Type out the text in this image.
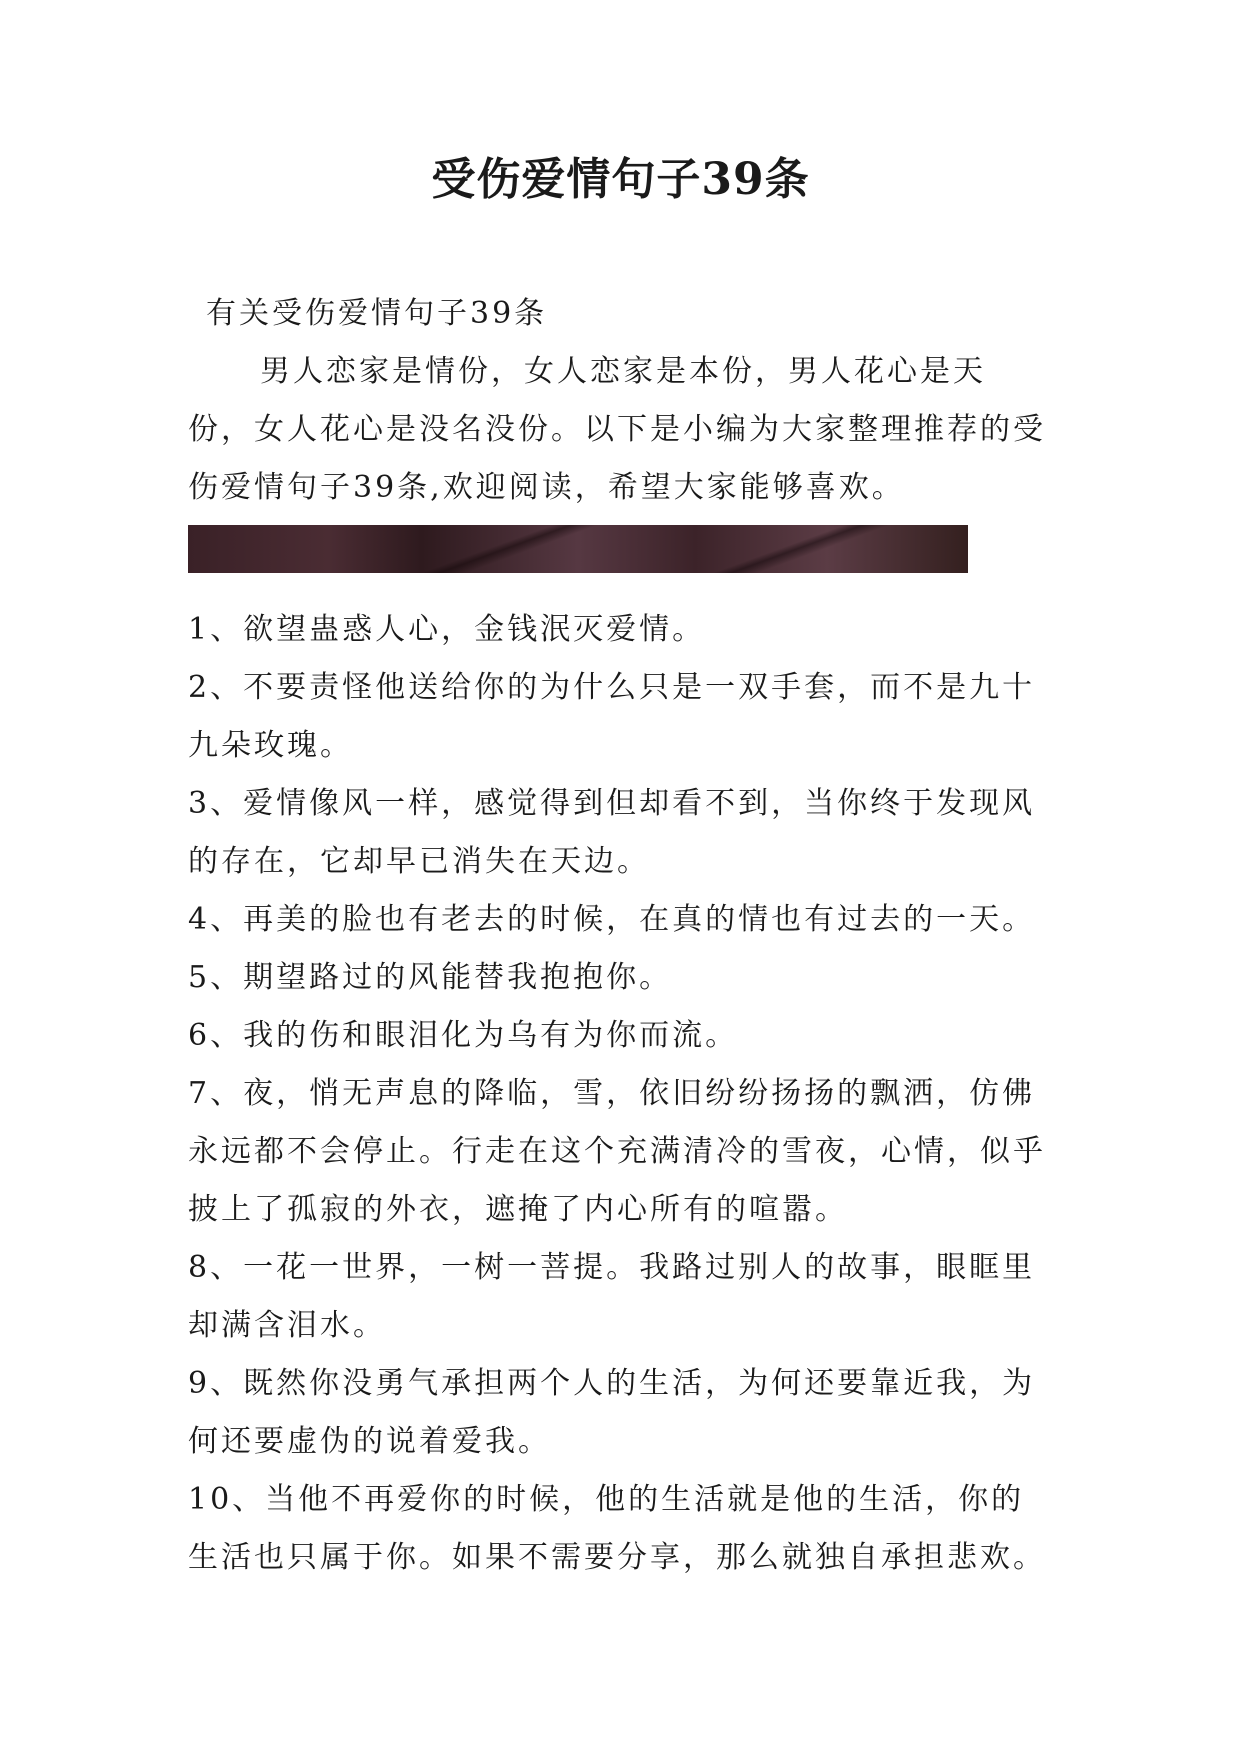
受伤爱情句子39条

有关受伤爱情句子39条

男人恋家是情份，女人恋家是本份，男人花心是天份，女人花心是没名没份。以下是小编为大家整理推荐的受伤爱情句子39条,欢迎阅读，希望大家能够喜欢。

1、欲望蛊惑人心，金钱泯灭爱情。

2、不要责怪他送给你的为什么只是一双手套，而不是九十九朵玫瑰。

3、爱情像风一样，感觉得到但却看不到，当你终于发现风的存在，它却早已消失在天边。

4、再美的脸也有老去的时候，在真的情也有过去的一天。

5、期望路过的风能替我抱抱你。

6、我的伤和眼泪化为乌有为你而流。

7、夜，悄无声息的降临，雪，依旧纷纷扬扬的飘洒，仿佛永远都不会停止。行走在这个充满清冷的雪夜，心情，似乎披上了孤寂的外衣，遮掩了内心所有的喧嚣。

8、一花一世界，一树一菩提。我路过别人的故事，眼眶里却满含泪水。

9、既然你没勇气承担两个人的生活，为何还要靠近我，为何还要虚伪的说着爱我。

10、当他不再爱你的时候，他的生活就是他的生活，你的生活也只属于你。如果不需要分享，那么就独自承担悲欢。
